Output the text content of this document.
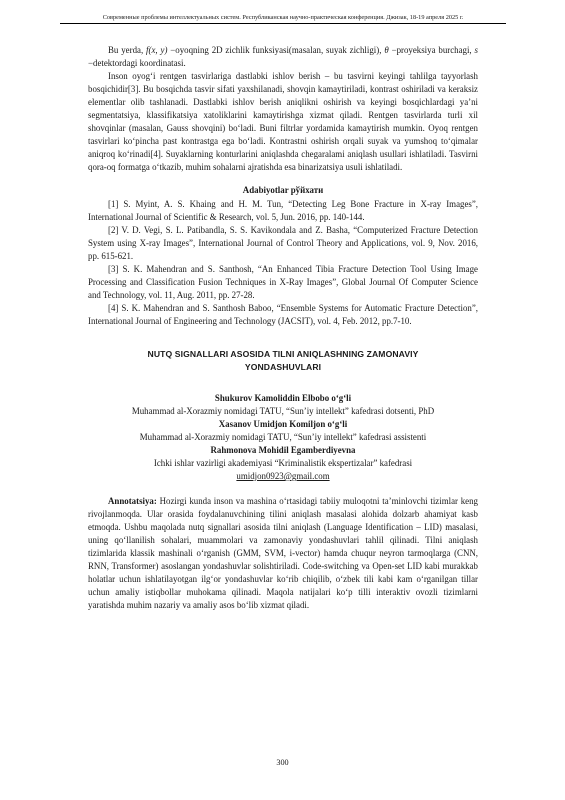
Современные проблемы интеллектуальных систем. Республиканская научно-практическая конференция. Джизак, 18-19 апреля 2025 г.

Bu yerda, f(x, y) −oyoqning 2D zichlik funksiyasi(masalan, suyak zichligi), θ −proyeksiya burchagi, s −detektordagi koordinatasi.

Inson oyog‘i rentgen tasvirlariga dastlabki ishlov berish – bu tasvirni keyingi tahlilga tayyorlash bosqichidir[3]. Bu bosqichda tasvir sifati yaxshilanadi, shovqin kamaytiriladi, kontrast oshiriladi va keraksiz elementlar olib tashlanadi. Dastlabki ishlov berish aniqlikni oshirish va keyingi bosqichlardagi ya’ni segmentatsiya, klassifikatsiya xatoliklarini kamaytirishga xizmat qiladi. Rentgen tasvirlarda turli xil shovqinlar (masalan, Gauss shovqini) bo‘ladi. Buni filtrlar yordamida kamaytirish mumkin. Oyoq rentgen tasvirlari ko‘pincha past kontrastga ega bo‘ladi. Kontrastni oshirish orqali suyak va yumshoq to‘qimalar aniqroq ko‘rinadi[4]. Suyaklarning konturlarini aniqlashda chegaralami aniqlash usullari ishlatiladi. Tasvirni qora-oq formatga o‘tkazib, muhim sohalarni ajratishda esa binarizatsiya usuli ishlatiladi.

Adabiyotlar рўйхати

[1] S. Myint, A. S. Khaing and H. M. Tun, “Detecting Leg Bone Fracture in X-ray Images”, International Journal of Scientific & Research, vol. 5, Jun. 2016, pp. 140-144.

[2] V. D. Vegi, S. L. Patibandla, S. S. Kavikondala and Z. Basha, “Computerized Fracture Detection System using X-ray Images”, International Journal of Control Theory and Applications, vol. 9, Nov. 2016, pp. 615-621.

[3] S. K. Mahendran and S. Santhosh, “An Enhanced Tibia Fracture Detection Tool Using Image Processing and Classification Fusion Techniques in X-Ray Images”, Global Journal Of Computer Science and Technology, vol. 11, Aug. 2011, pp. 27-28.

[4] S. K. Mahendran and S. Santhosh Baboo, “Ensemble Systems for Automatic Fracture Detection”, International Journal of Engineering and Technology (JACSIT), vol. 4, Feb. 2012, pp.7-10.

NUTQ SIGNALLARI ASOSIDA TILNI ANIQLASHNING ZAMONAVIY
YONDASHUVLARI
Shukurov Kamoliddin Elbobo o‘g‘li
Muhammad al-Xorazmiy nomidagi TATU, “Sun’iy intellekt” kafedrasi dotsenti, PhD
Xasanov Umidjon Komiljon o‘g‘li
Muhammad al-Xorazmiy nomidagi TATU, “Sun’iy intellekt” kafedrasi assistenti
Rahmonova Mohidil Egamberdiyevna
Ichki ishlar vazirligi akademiyasi “Kriminalistik ekspertizalar” kafedrasi
umidjon0923@gmail.com

Annotatsiya: Hozirgi kunda inson va mashina o‘rtasidagi tabiiy muloqotni ta’minlovchi tizimlar keng rivojlanmoqda. Ular orasida foydalanuvchining tilini aniqlash masalasi alohida dolzarb ahamiyat kasb etmoqda. Ushbu maqolada nutq signallari asosida tilni aniqlash (Language Identification – LID) masalasi, uning qo‘llanilish sohalari, muammolari va zamonaviy yondashuvlari tahlil qilinadi. Tilni aniqlash tizimlarida klassik mashinali o‘rganish (GMM, SVM, i-vector) hamda chuqur neyron tarmoqlarga (CNN, RNN, Transformer) asoslangan yondashuvlar solishtiriladi. Code-switching va Open-set LID kabi murakkab holatlar uchun ishlatilayotgan ilg‘or yondashuvlar ko‘rib chiqilib, o‘zbek tili kabi kam o‘rganilgan tillar uchun amaliy istiqbollar muhokama qilinadi. Maqola natijalari ko‘p tilli interaktiv ovozli tizimlarni yaratishda muhim nazariy va amaliy asos bo‘lib xizmat qiladi.

300
